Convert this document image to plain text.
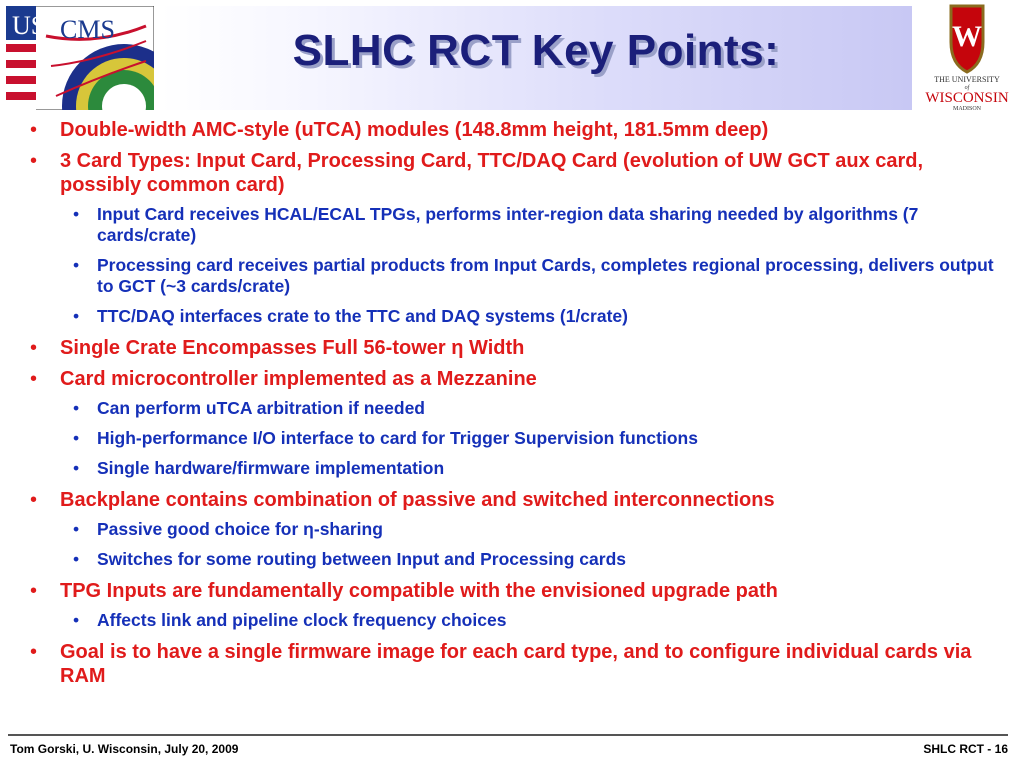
US CMS	SLHC RCT Key Points:	W
THE UNIVERSITY
of
WISCONSIN
MADISON
• Double-width AMC-style (uTCA) modules (148.8mm height, 181.5mm deep)
• 3 Card Types: Input Card, Processing Card, TTC/DAQ Card (evolution of UW GCT aux card, possibly common card)
• Input Card receives HCAL/ECAL TPGs, performs inter-region data sharing needed by algorithms (7 cards/crate)
• Processing card receives partial products from Input Cards, completes regional processing, delivers output to GCT (~3 cards/crate)
• TTC/DAQ interfaces crate to the TTC and DAQ systems (1/crate)
• Single Crate Encompasses Full 56-tower η Width
• Card microcontroller implemented as a Mezzanine
• Can perform uTCA arbitration if needed
• High-performance I/O interface to card for Trigger Supervision functions
• Single hardware/firmware implementation
• Backplane contains combination of passive and switched interconnections
• Passive good choice for η-sharing
• Switches for some routing between Input and Processing cards
• TPG Inputs are fundamentally compatible with the envisioned upgrade path
• Affects link and pipeline clock frequency choices
• Goal is to have a single firmware image for each card type, and to configure individual cards via RAM
Tom Gorski, U. Wisconsin, July 20, 2009	SHLC RCT - 16
